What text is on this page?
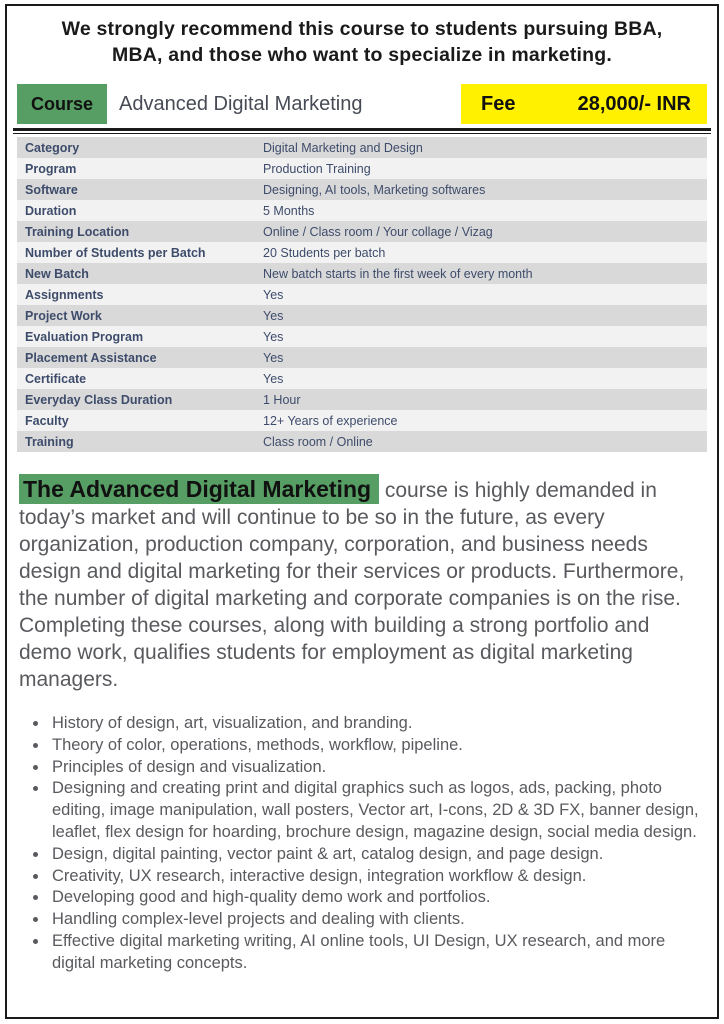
We strongly recommend this course to students pursuing BBA,
MBA, and those who want to specialize in marketing.
Course	Advanced Digital Marketing	Fee	28,000/- INR
Category	Digital Marketing and Design
Program	Production Training
Software	Designing, AI tools, Marketing softwares
Duration	5 Months
Training Location	Online / Class room / Your collage / Vizag
Number of Students per Batch	20 Students per batch
New Batch	New batch starts in the first week of every month
Assignments	Yes
Project Work	Yes
Evaluation Program	Yes
Placement Assistance	Yes
Certificate	Yes
Everyday Class Duration	1 Hour
Faculty	12+ Years of experience
Training	Class room / Online

The Advanced Digital Marketing course is highly demanded in today’s market and will continue to be so in the future, as every organization, production company, corporation, and business needs design and digital marketing for their services or products. Furthermore, the number of digital marketing and corporate companies is on the rise. Completing these courses, along with building a strong portfolio and demo work, qualifies students for employment as digital marketing managers.

• History of design, art, visualization, and branding.
• Theory of color, operations, methods, workflow, pipeline.
• Principles of design and visualization.
• Designing and creating print and digital graphics such as logos, ads, packing, photo editing, image manipulation, wall posters, Vector art, I-cons, 2D & 3D FX, banner design, leaflet, flex design for hoarding, brochure design, magazine design, social media design.
• Design, digital painting, vector paint & art, catalog design, and page design.
• Creativity, UX research, interactive design, integration workflow & design.
• Developing good and high-quality demo work and portfolios.
• Handling complex-level projects and dealing with clients.
• Effective digital marketing writing, AI online tools, UI Design, UX research, and more digital marketing concepts.
